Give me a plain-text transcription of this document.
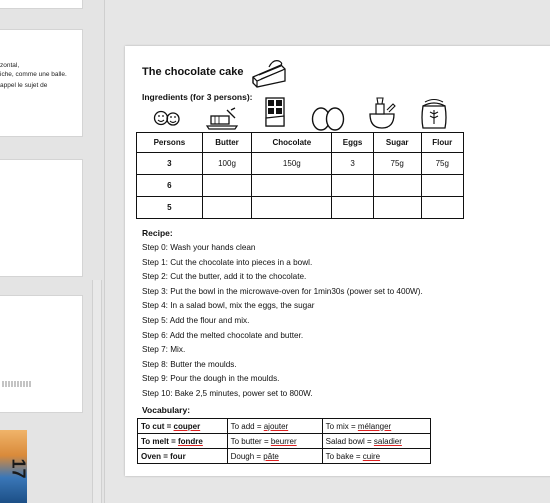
zontal,

iche, comme une balle.

appel le sujet de

17
The chocolate cake
Ingredients (for 3 persons):
Persons	Butter	Chocolate	Eggs	Sugar	Flour
3	100g	150g	3	75g	75g
6					
5					
Recipe:
Step 0: Wash your hands clean
Step 1: Cut the chocolate into pieces in a bowl.
Step 2: Cut the butter, add it to the chocolate.
Step 3: Put the bowl in the microwave-oven for 1min30s (power set to 400W).
Step 4: In a salad bowl, mix the eggs, the sugar
Step 5: Add the flour and mix.
Step 6: Add the melted chocolate and butter.
Step 7: Mix.
Step 8: Butter the moulds.
Step 9: Pour the dough in the moulds.
Step 10: Bake 2,5 minutes, power set to 800W.
Vocabulary:
To cut = couper	To add = ajouter	To mix = mélanger
To melt = fondre	To butter = beurrer	Salad bowl = saladier
Oven = four	Dough = pâte	To bake = cuire
